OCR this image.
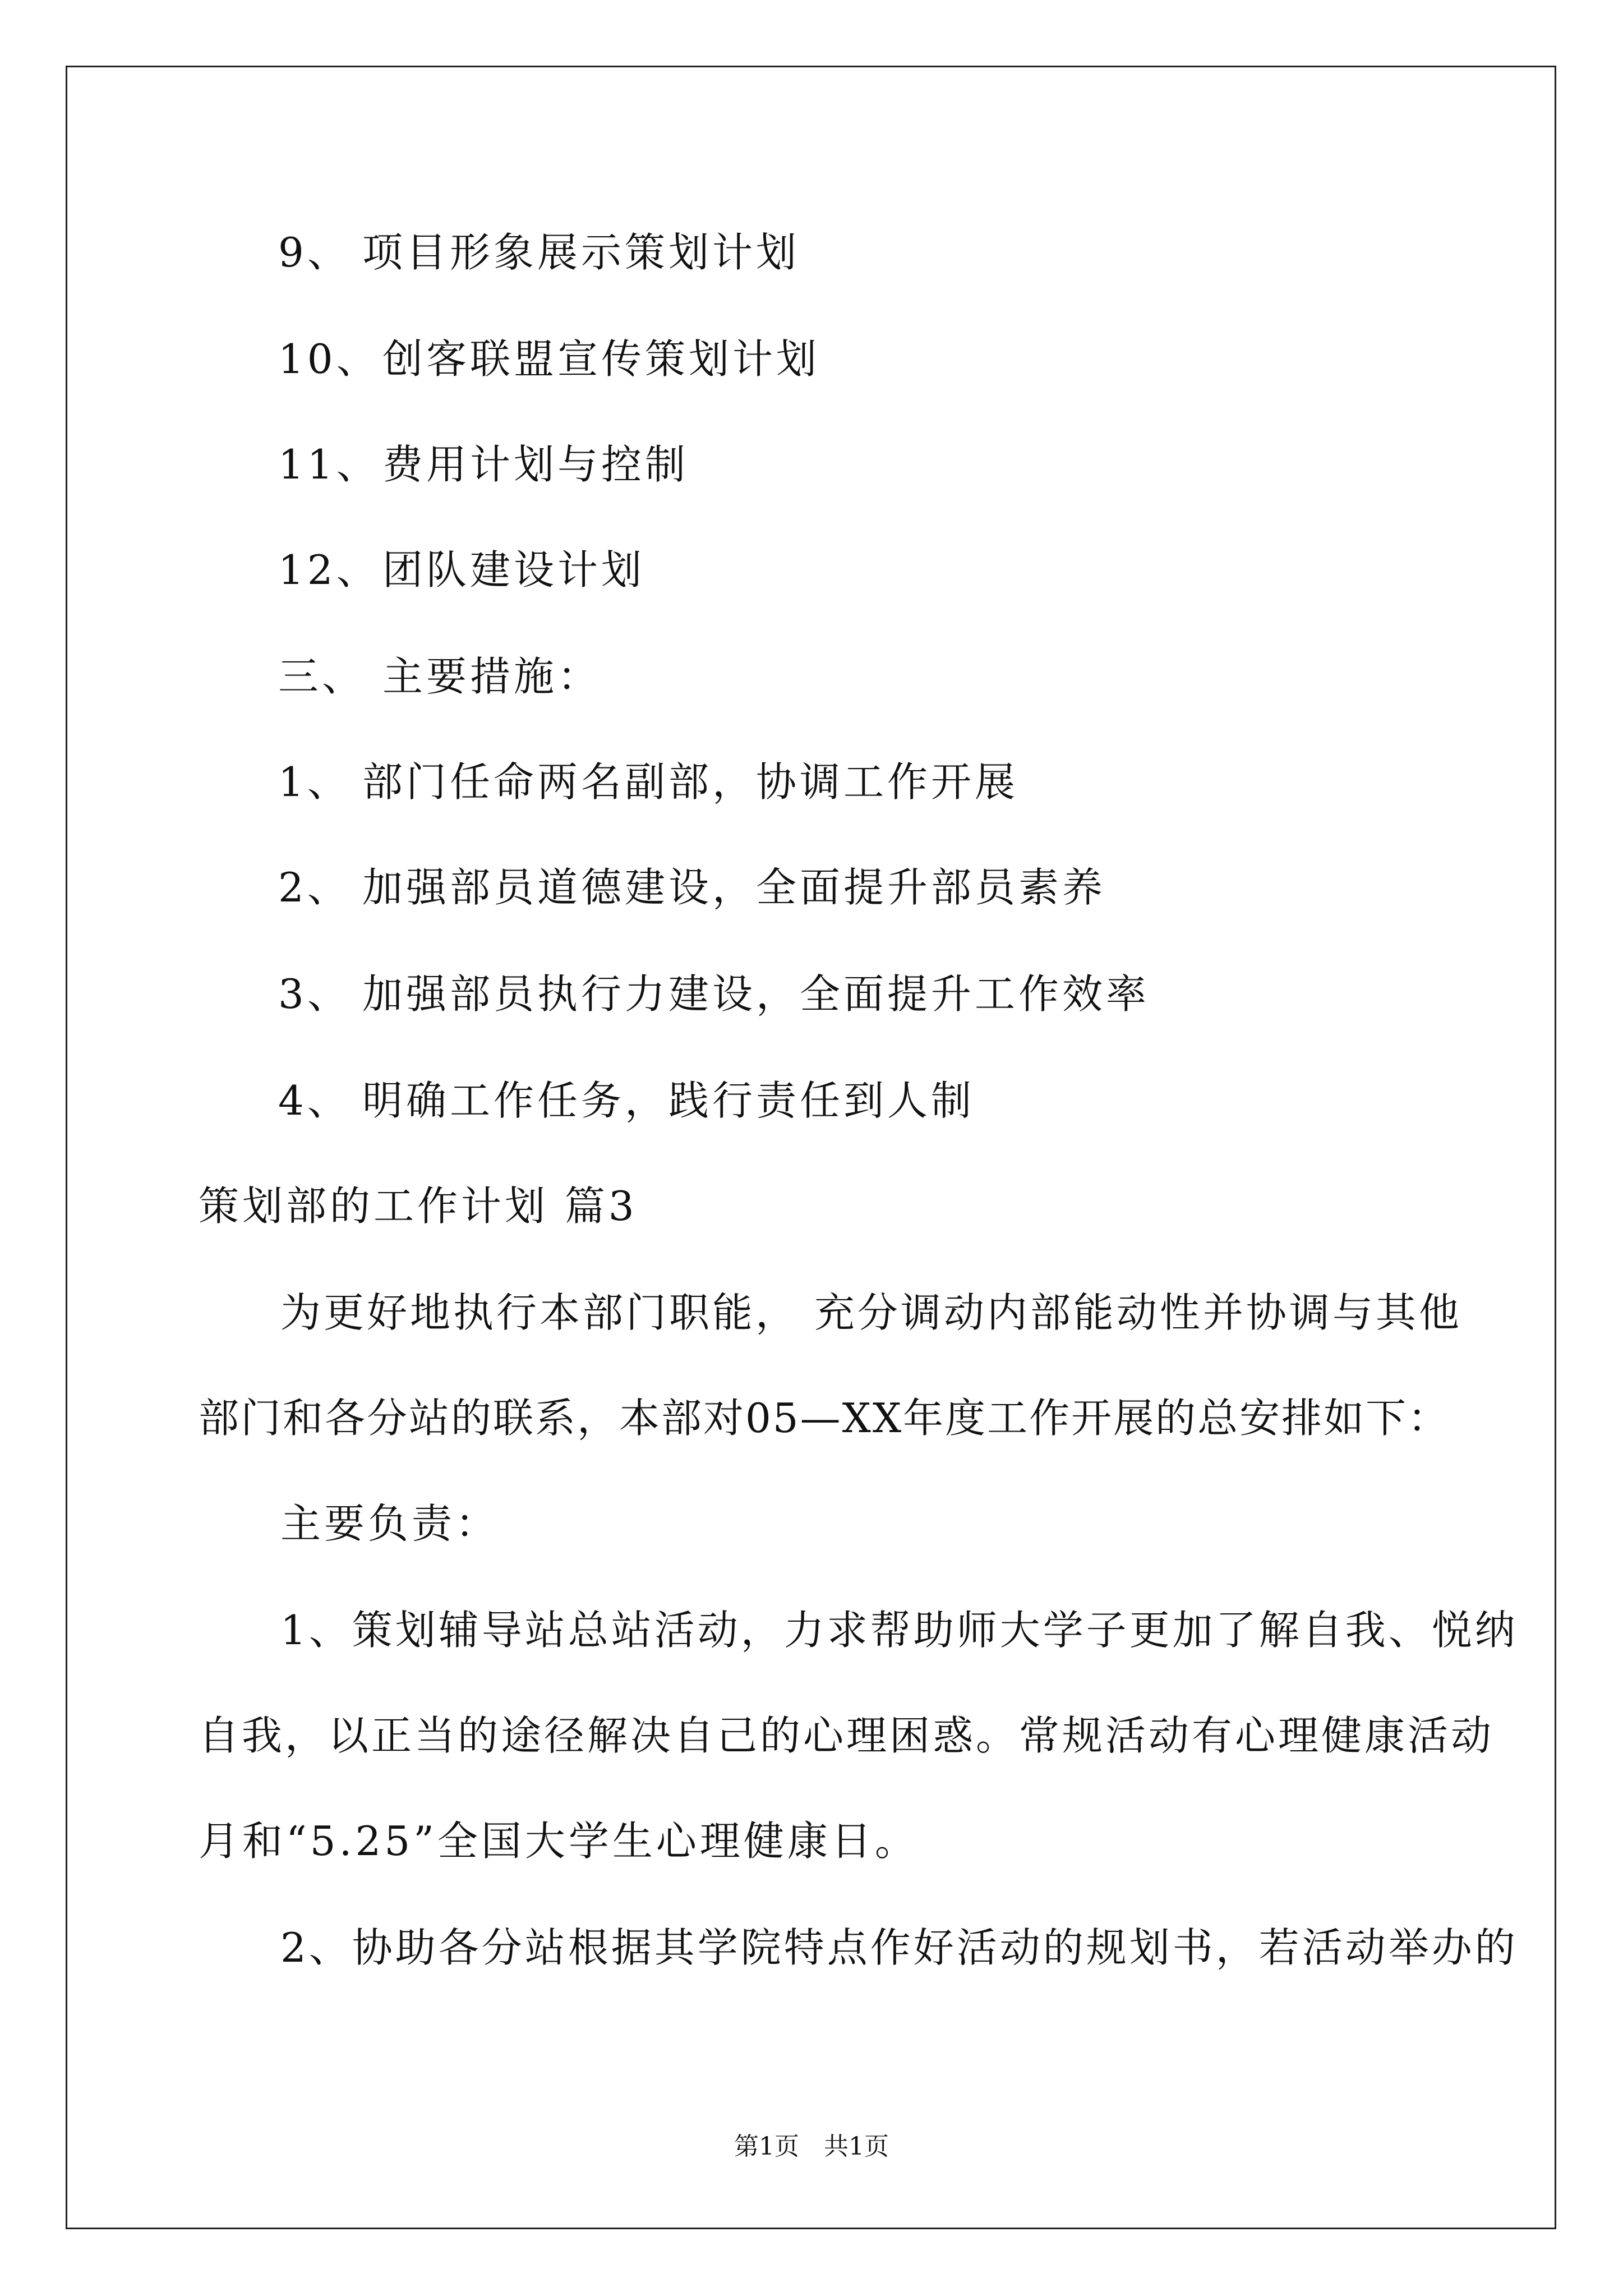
9、 项目形象展示策划计划
10、创客联盟宣传策划计划
11、费用计划与控制
12、团队建设计划
三、 主要措施：
1、 部门任命两名副部，协调工作开展
2、 加强部员道德建设，全面提升部员素养
3、 加强部员执行力建设，全面提升工作效率
4、 明确工作任务，践行责任到人制
策划部的工作计划 篇3
为更好地执行本部门职能， 充分调动内部能动性并协调与其他
部门和各分站的联系，本部对05—XX年度工作开展的总安排如下：
主要负责：
1、策划辅导站总站活动，力求帮助师大学子更加了解自我、悦纳
自我，以正当的途径解决自己的心理困惑。常规活动有心理健康活动
月和“5.25”全国大学生心理健康日。
2、协助各分站根据其学院特点作好活动的规划书，若活动举办的
第1页　共1页
